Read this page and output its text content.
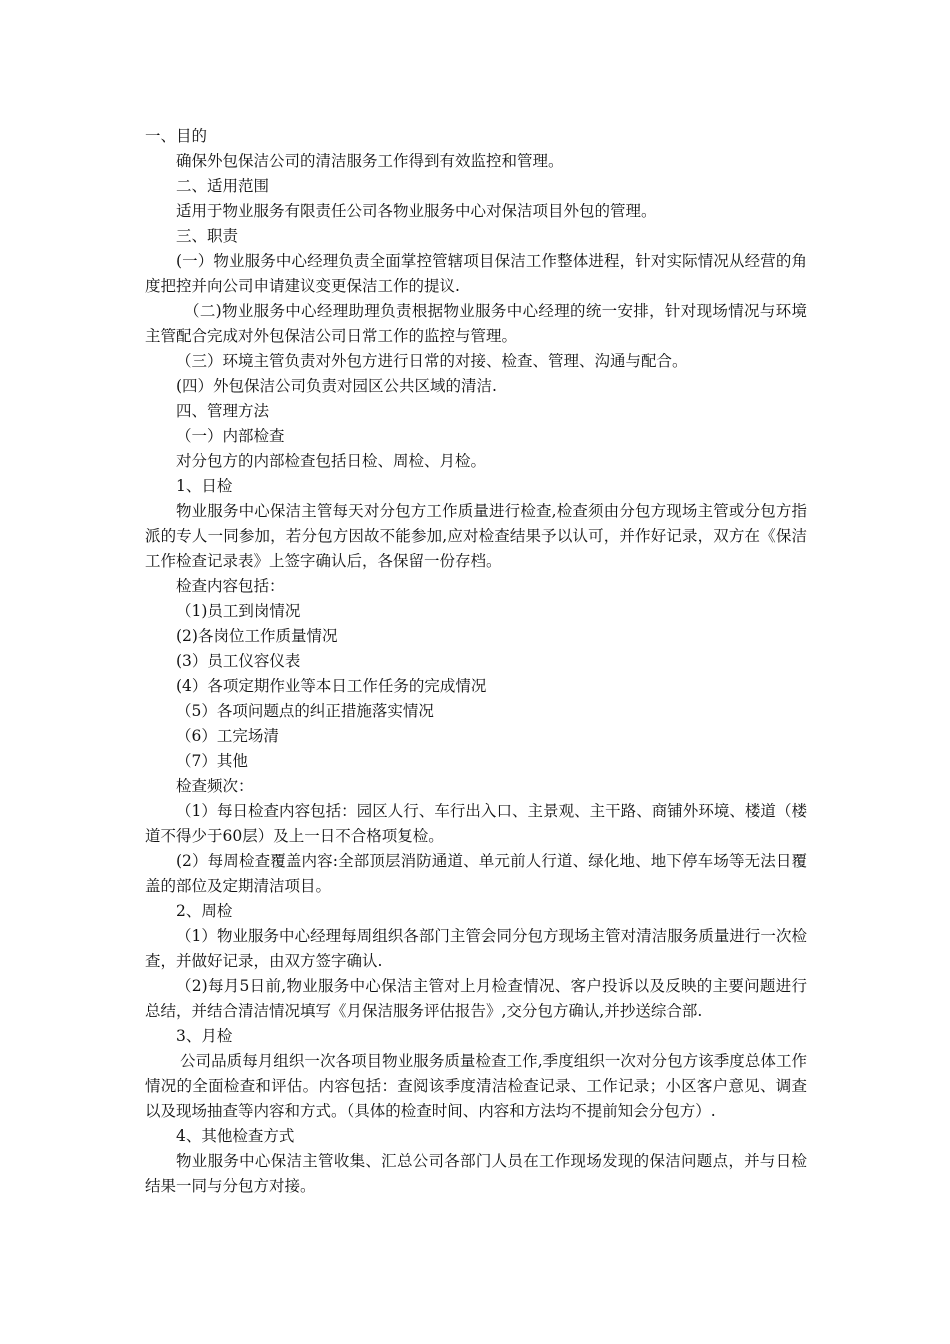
一、目的

确保外包保洁公司的清洁服务工作得到有效监控和管理。

二、适用范围

适用于物业服务有限责任公司各物业服务中心对保洁项目外包的管理。

三、职责

(一）物业服务中心经理负责全面掌控管辖项目保洁工作整体进程，针对实际情况从经营的角度把控并向公司申请建议变更保洁工作的提议.

（二)物业服务中心经理助理负责根据物业服务中心经理的统一安排，针对现场情况与环境主管配合完成对外包保洁公司日常工作的监控与管理。

（三）环境主管负责对外包方进行日常的对接、检查、管理、沟通与配合。

(四）外包保洁公司负责对园区公共区域的清洁.

四、管理方法

（一）内部检查

对分包方的内部检查包括日检、周检、月检。

1、日检

物业服务中心保洁主管每天对分包方工作质量进行检查,检查须由分包方现场主管或分包方指派的专人一同参加，若分包方因故不能参加,应对检查结果予以认可，并作好记录，双方在《保洁工作检查记录表》上签字确认后，各保留一份存档。

检查内容包括：

（1)员工到岗情况

(2)各岗位工作质量情况

(3）员工仪容仪表

(4）各项定期作业等本日工作任务的完成情况

（5）各项问题点的纠正措施落实情况

（6）工完场清

（7）其他

检查频次：

（1）每日检查内容包括：园区人行、车行出入口、主景观、主干路、商铺外环境、楼道（楼道不得少于60层）及上一日不合格项复检。

(2）每周检查覆盖内容:全部顶层消防通道、单元前人行道、绿化地、地下停车场等无法日覆盖的部位及定期清洁项目。

2、周检

（1）物业服务中心经理每周组织各部门主管会同分包方现场主管对清洁服务质量进行一次检查，并做好记录，由双方签字确认.

（2)每月5日前,物业服务中心保洁主管对上月检查情况、客户投诉以及反映的主要问题进行总结，并结合清洁情况填写《月保洁服务评估报告》,交分包方确认,并抄送综合部.

3、月检

公司品质每月组织一次各项目物业服务质量检查工作,季度组织一次对分包方该季度总体工作情况的全面检查和评估。内容包括：查阅该季度清洁检查记录、工作记录；小区客户意见、调查以及现场抽查等内容和方式。（具体的检查时间、内容和方法均不提前知会分包方）.

4、其他检查方式

物业服务中心保洁主管收集、汇总公司各部门人员在工作现场发现的保洁问题点，并与日检结果一同与分包方对接。
